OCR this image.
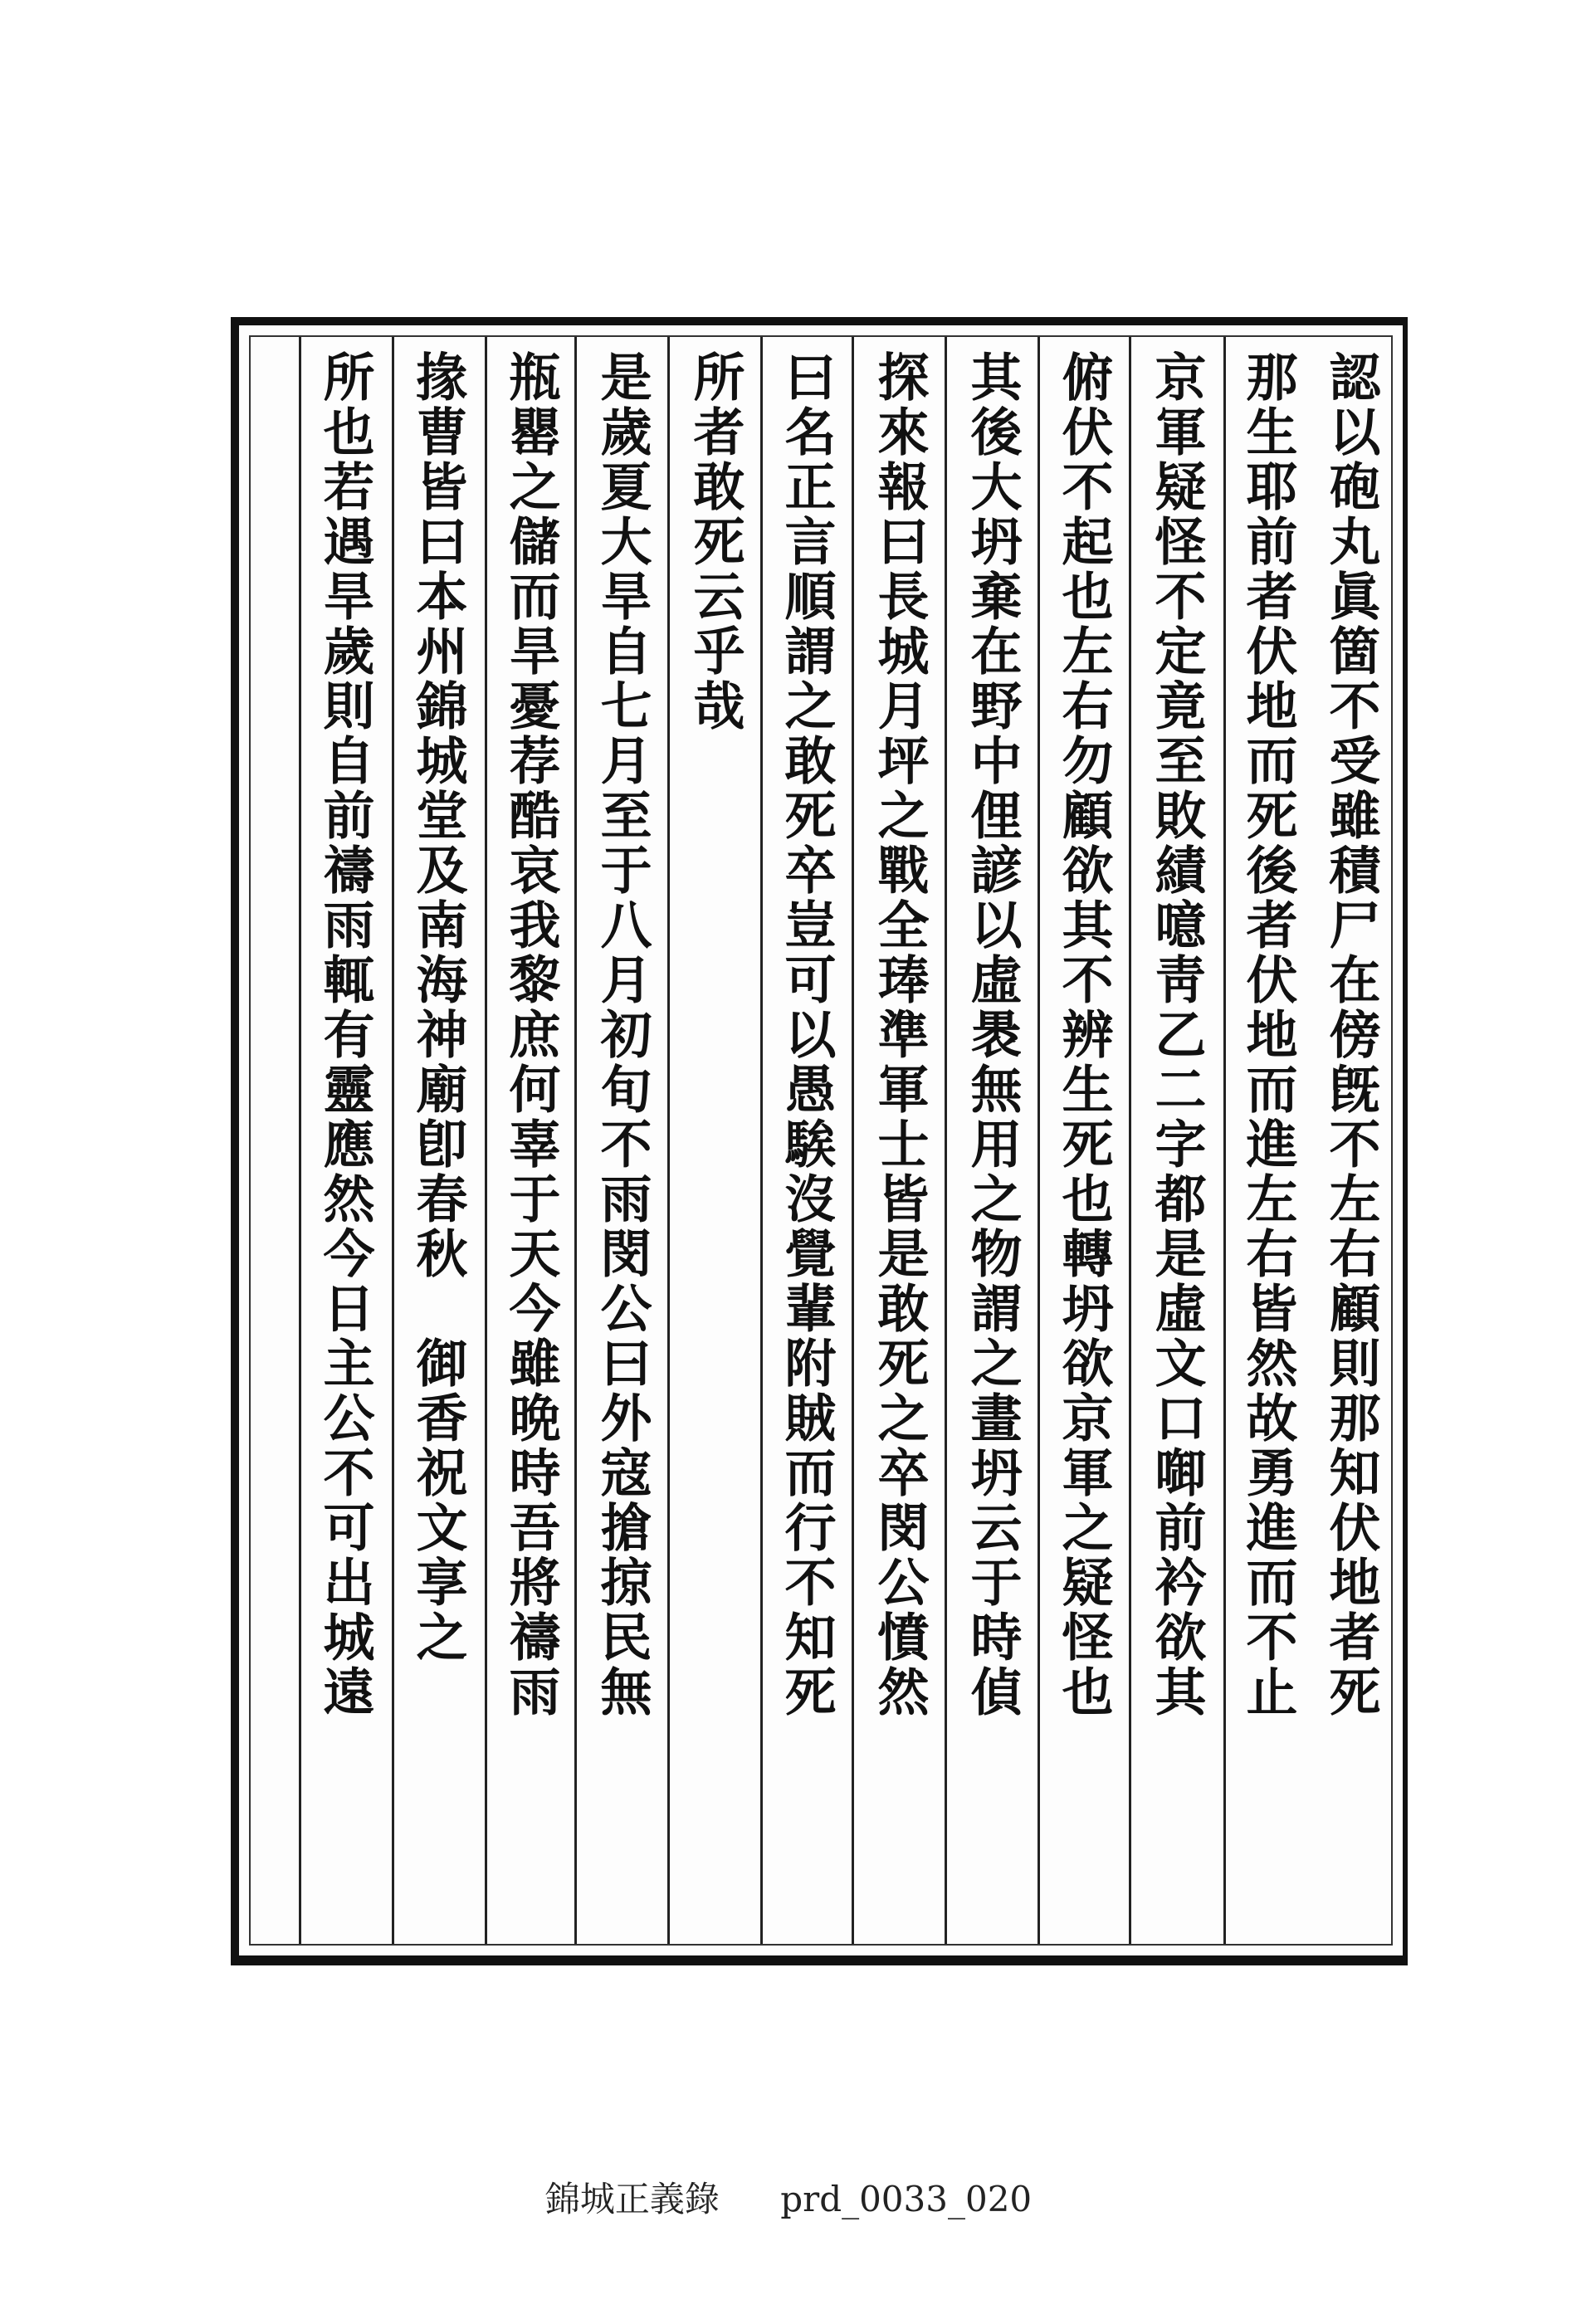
認以砲丸眞箇不受雖積尸在傍旣不左右顧則那知伏地者死
那生耶前者伏地而死後者伏地而進左右皆然故勇進而不止
京軍疑怪不定竟至敗績噫靑乙二字都是虛文口啣前衿欲其
俯伏不起也左右勿顧欲其不辨生死也轉坍欲京軍之疑怪也
其後大坍棄在野中俚諺以虛褁無用之物謂之畫坍云于時偵
探來報曰長城月坪之戰全琫準軍士皆是敢死之卒閔公憤然
曰名正言順謂之敢死卒豈可以愚騃沒覺輩附賊而行不知死
所者敢死云乎哉
是歲夏大旱自七月至于八月初旬不雨閔公曰外寇搶掠民無
瓶罌之儲而旱憂荐酷哀我黎庶何辜于天今雖晩時吾將禱雨
掾曹皆曰本州錦城堂及南海神廟卽春秋　御香祝文享之
所也若遇旱歲則自前禱雨輒有靈應然今日主公不可出城遠
錦城正義錄 prd_0033_020
